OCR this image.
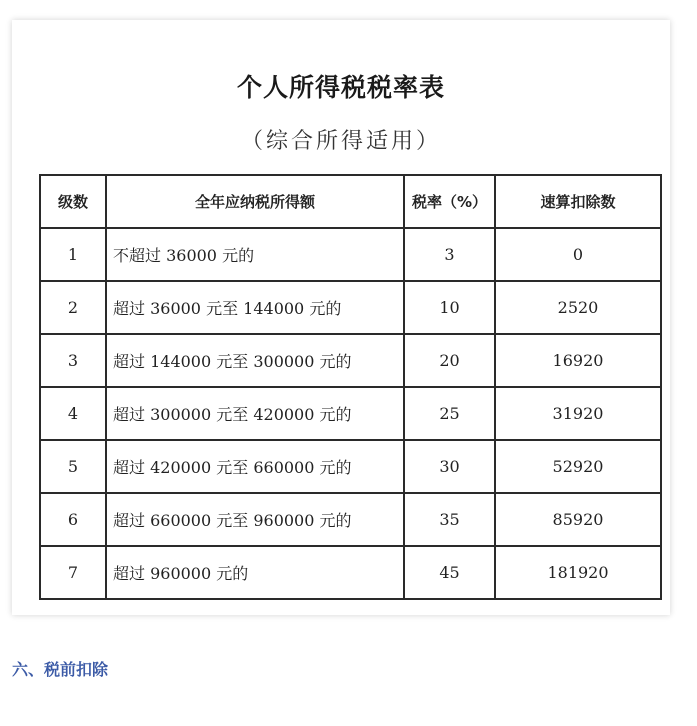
个人所得税税率表
（综合所得适用）
级数	全年应纳税所得额	税率（%）	速算扣除数
1	不超过 36000 元的	3	0
2	超过 36000 元至 144000 元的	10	2520
3	超过 144000 元至 300000 元的	20	16920
4	超过 300000 元至 420000 元的	25	31920
5	超过 420000 元至 660000 元的	30	52920
6	超过 660000 元至 960000 元的	35	85920
7	超过 960000 元的	45	181920
六、税前扣除
